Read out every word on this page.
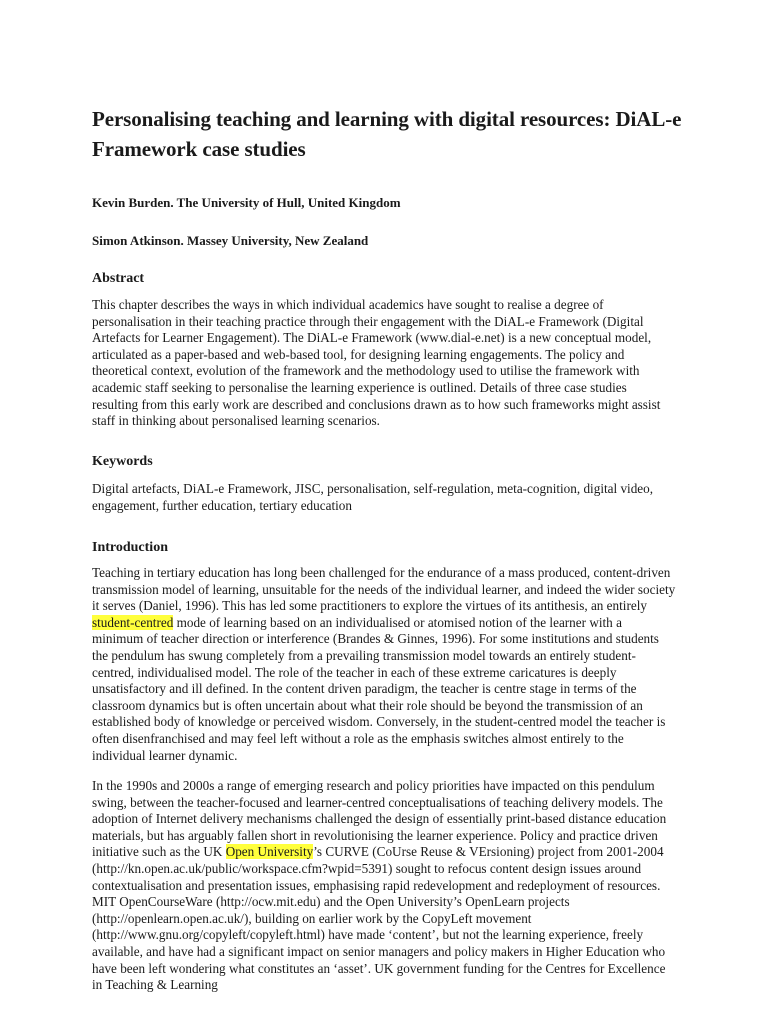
Personalising teaching and learning with digital resources: DiAL-e Framework case studies

Kevin Burden. The University of Hull, United Kingdom

Simon Atkinson. Massey University, New Zealand

Abstract

This chapter describes the ways in which individual academics have sought to realise a degree of personalisation in their teaching practice through their engagement with the DiAL-e Framework (Digital Artefacts for Learner Engagement). The DiAL-e Framework (www.dial-e.net) is a new conceptual model, articulated as a paper-based and web-based tool, for designing learning engagements. The policy and theoretical context, evolution of the framework and the methodology used to utilise the framework with academic staff seeking to personalise the learning experience is outlined. Details of three case studies resulting from this early work are described and conclusions drawn as to how such frameworks might assist staff in thinking about personalised learning scenarios.

Keywords

Digital artefacts, DiAL-e Framework, JISC, personalisation, self-regulation, meta-cognition, digital video, engagement, further education, tertiary education

Introduction

Teaching in tertiary education has long been challenged for the endurance of a mass produced, content-driven transmission model of learning, unsuitable for the needs of the individual learner, and indeed the wider society it serves (Daniel, 1996). This has led some practitioners to explore the virtues of its antithesis, an entirely student-centred mode of learning based on an individualised or atomised notion of the learner with a minimum of teacher direction or interference (Brandes & Ginnes, 1996). For some institutions and students the pendulum has swung completely from a prevailing transmission model towards an entirely student-centred, individualised model. The role of the teacher in each of these extreme caricatures is deeply unsatisfactory and ill defined. In the content driven paradigm, the teacher is centre stage in terms of the classroom dynamics but is often uncertain about what their role should be beyond the transmission of an established body of knowledge or perceived wisdom. Conversely, in the student-centred model the teacher is often disenfranchised and may feel left without a role as the emphasis switches almost entirely to the individual learner dynamic.

In the 1990s and 2000s a range of emerging research and policy priorities have impacted on this pendulum swing, between the teacher-focused and learner-centred conceptualisations of teaching delivery models. The adoption of Internet delivery mechanisms challenged the design of essentially print-based distance education materials, but has arguably fallen short in revolutionising the learner experience. Policy and practice driven initiative such as the UK Open University’s CURVE (CoUrse Reuse & VErsioning) project from 2001-2004 (http://kn.open.ac.uk/public/workspace.cfm?wpid=5391) sought to refocus content design issues around contextualisation and presentation issues, emphasising rapid redevelopment and redeployment of resources. MIT OpenCourseWare (http://ocw.mit.edu) and the Open University’s OpenLearn projects (http://openlearn.open.ac.uk/), building on earlier work by the CopyLeft movement (http://www.gnu.org/copyleft/copyleft.html) have made ‘content’, but not the learning experience, freely available, and have had a significant impact on senior managers and policy makers in Higher Education who have been left wondering what constitutes an ‘asset’. UK government funding for the Centres for Excellence in Teaching & Learning
